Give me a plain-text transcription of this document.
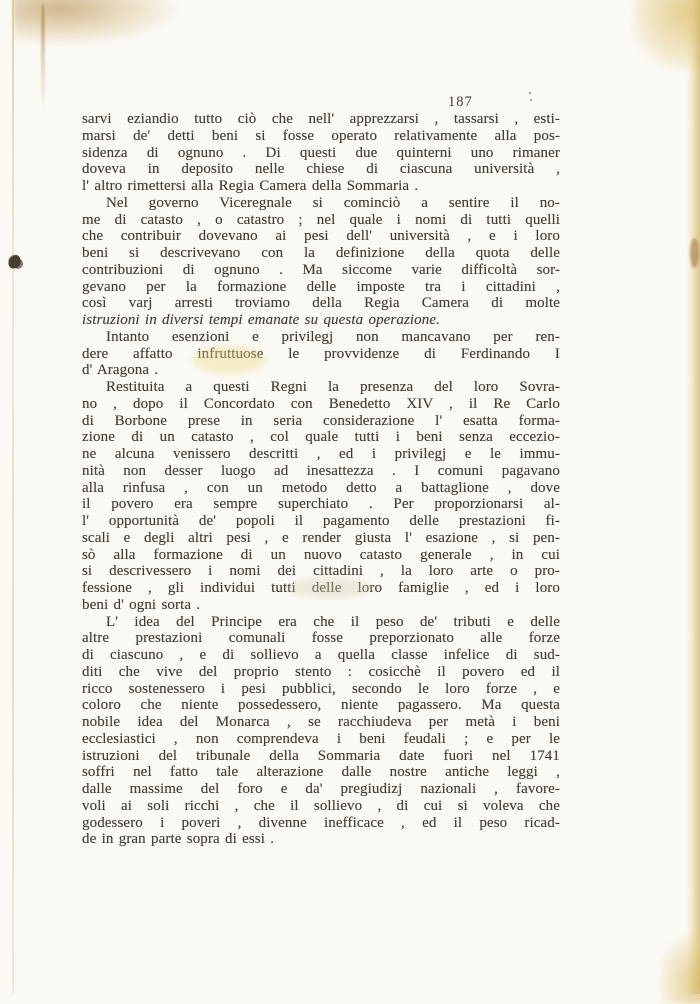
187
sarvi eziandio tutto ciò che nell' apprezzarsi , tassarsi , esti-
marsi de' detti beni si fosse operato relativamente alla pos-
sidenza di ognuno . Di questi due quinterni uno rimaner
doveva in deposito nelle chiese di ciascuna università ,
l' altro rimettersi alla Regia Camera della Sommaria .
Nel governo Viceregnale si cominciò a sentire il no-
me di catasto , o catastro ; nel quale i nomi di tutti quelli
che contribuir dovevano ai pesi dell' università , e i loro
beni si descrivevano con la definizione della quota delle
contribuzioni di ognuno . Ma siccome varie difficoltà sor-
gevano per la formazione delle imposte tra i cittadini ,
così varj arresti troviamo della Regia Camera di molte
istruzioni in diversi tempi emanate su questa operazione.
Intanto esenzioni e privilegj non mancavano per ren-
dere affatto infruttuose le provvidenze di Ferdinando I
d' Aragona .
Restituita a questi Regni la presenza del loro Sovra-
no , dopo il Concordato con Benedetto XIV , il Re Carlo
di Borbone prese in seria considerazione l' esatta forma-
zione di un catasto , col quale tutti i beni senza eccezio-
ne alcuna venissero descritti , ed i privilegj e le immu-
nità non desser luogo ad inesattezza . I comuni pagavano
alla rinfusa , con un metodo detto a battaglione , dove
il povero era sempre superchiato . Per proporzionarsi al-
l' opportunità de' popoli il pagamento delle prestazioni fi-
scali e degli altri pesi , e render giusta l' esazione , si pen-
sò alla formazione di un nuovo catasto generale , in cui
si descrivessero i nomi dei cittadini , la loro arte o pro-
fessione , gli individui tutti delle loro famiglie , ed i loro
beni d' ogni sorta .
L' idea del Principe era che il peso de' tributi e delle
altre prestazioni comunali fosse preporzionato alle forze
di ciascuno , e di sollievo a quella classe infelice di sud-
diti che vive del proprio stento : cosicchè il povero ed il
ricco sostenessero i pesi pubblici, secondo le loro forze , e
coloro che niente possedessero, niente pagassero. Ma questa
nobile idea del Monarca , se racchiudeva per metà i beni
ecclesiastici , non comprendeva i beni feudali ; e per le
istruzioni del tribunale della Sommaria date fuori nel 1741
soffri nel fatto tale alterazione dalle nostre antiche leggi ,
dalle massime del foro e da' pregiudizj nazionali , favore-
voli ai soli ricchi , che il sollievo , di cui si voleva che
godessero i poveri , divenne inefficace , ed il peso ricad-
de in gran parte sopra di essi .
